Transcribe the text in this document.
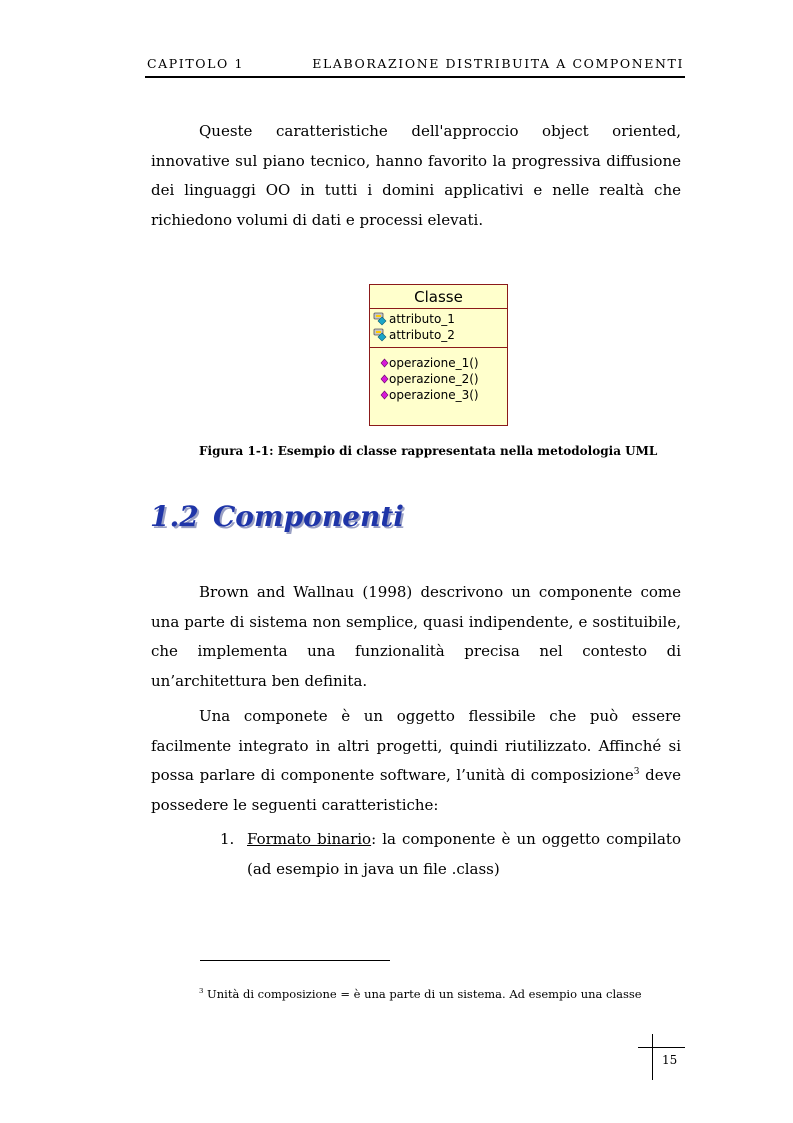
CAPITOLO 1	ELABORAZIONE DISTRIBUITA A COMPONENTI

Queste caratteristiche dell'approccio object oriented, innovative sul piano tecnico, hanno favorito la progressiva diffusione dei linguaggi OO in tutti i domini applicativi e nelle realtà che richiedono volumi di dati e processi elevati.

Classe
attributo_1
attributo_2
operazione_1()
operazione_2()
operazione_3()

Figura 1-1: Esempio di classe rappresentata nella metodologia UML

1.2 Componenti

Brown and Wallnau (1998) descrivono un componente come una parte di sistema non semplice, quasi indipendente, e sostituibile, che implementa una funzionalità precisa nel contesto di un’architettura ben definita.

Una componete è un oggetto flessibile che può essere facilmente integrato in altri progetti, quindi riutilizzato. Affinché si possa parlare di componente software, l’unità di composizione$^3$ deve possedere le seguenti caratteristiche:

1. Formato binario: la componente è un oggetto compilato (ad esempio in java un file .class)

$^3$ Unità di composizione = è una parte di un sistema. Ad esempio una classe

15
